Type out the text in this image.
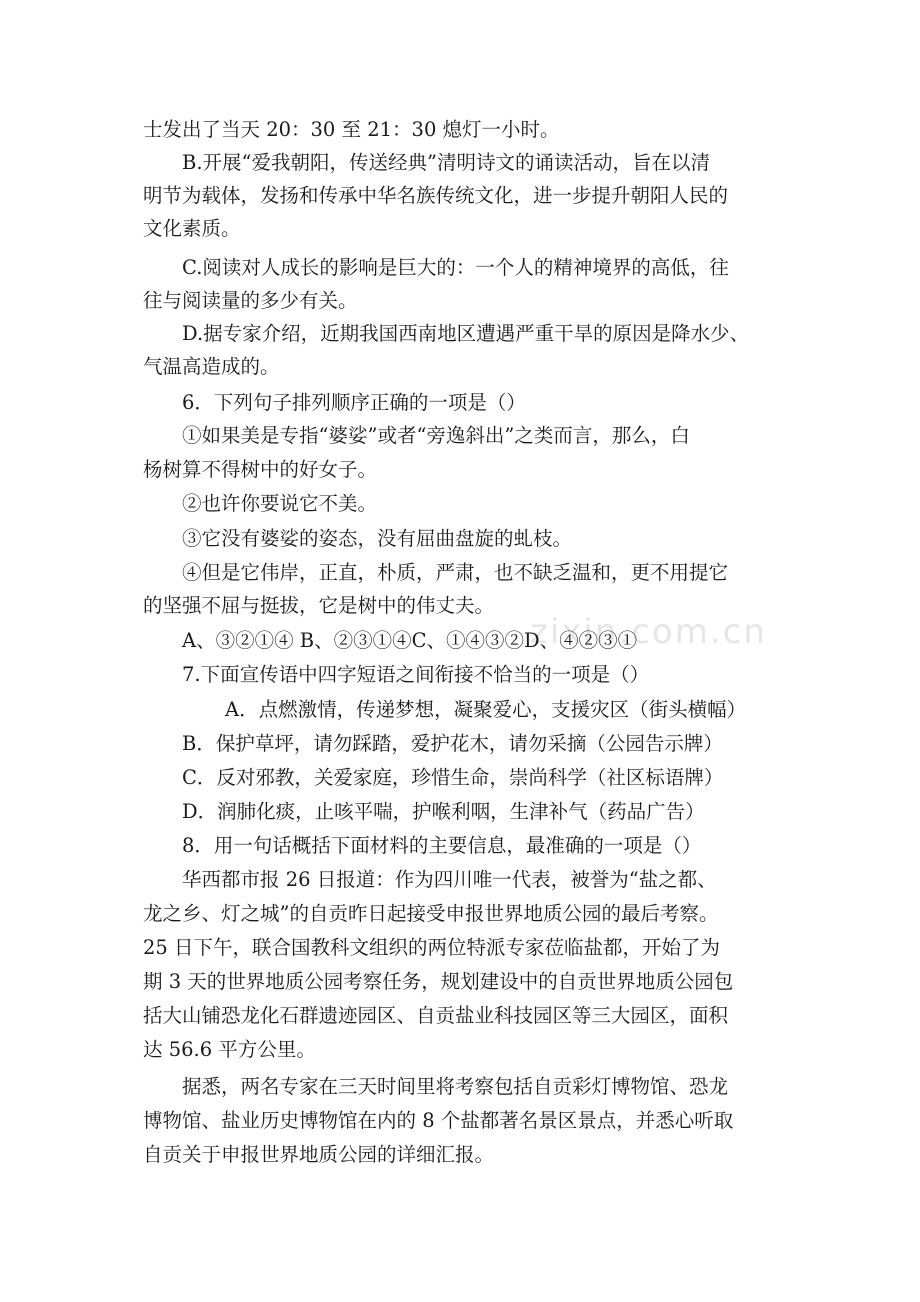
zixin.com.cn
士发出了当天 20：30 至 21：30 熄灯一小时。
B.开展“爱我朝阳，传送经典”清明诗文的诵读活动，旨在以清
明节为载体，发扬和传承中华名族传统文化，进一步提升朝阳人民的
文化素质。
C.阅读对人成长的影响是巨大的：一个人的精神境界的高低，往
往与阅读量的多少有关。
D.据专家介绍，近期我国西南地区遭遇严重干旱的原因是降水少、
气温高造成的。
6．下列句子排列顺序正确的一项是（）
①如果美是专指“婆娑”或者“旁逸斜出”之类而言，那么，白
杨树算不得树中的好女子。
②也许你要说它不美。
③它没有婆娑的姿态，没有屈曲盘旋的虬枝。
④但是它伟岸，正直，朴质，严肃，也不缺乏温和，更不用提它
的坚强不屈与挺拔，它是树中的伟丈夫。
A、③②①④ B、②③①④C、①④③②D、④②③①
7.下面宣传语中四字短语之间衔接不恰当的一项是（）
A．点燃激情，传递梦想，凝聚爱心，支援灾区（街头横幅）
B．保护草坪，请勿踩踏，爱护花木，请勿采摘（公园告示牌）
C．反对邪教，关爱家庭，珍惜生命，崇尚科学（社区标语牌）
D．润肺化痰，止咳平喘，护喉利咽，生津补气（药品广告）
8．用一句话概括下面材料的主要信息，最准确的一项是（）
华西都市报 26 日报道：作为四川唯一代表，被誉为“盐之都、
龙之乡、灯之城”的自贡昨日起接受申报世界地质公园的最后考察。
25 日下午，联合国教科文组织的两位特派专家莅临盐都，开始了为
期 3 天的世界地质公园考察任务，规划建设中的自贡世界地质公园包
括大山铺恐龙化石群遗迹园区、自贡盐业科技园区等三大园区，面积
达 56.6 平方公里。
据悉，两名专家在三天时间里将考察包括自贡彩灯博物馆、恐龙
博物馆、盐业历史博物馆在内的 8 个盐都著名景区景点，并悉心听取
自贡关于申报世界地质公园的详细汇报。
